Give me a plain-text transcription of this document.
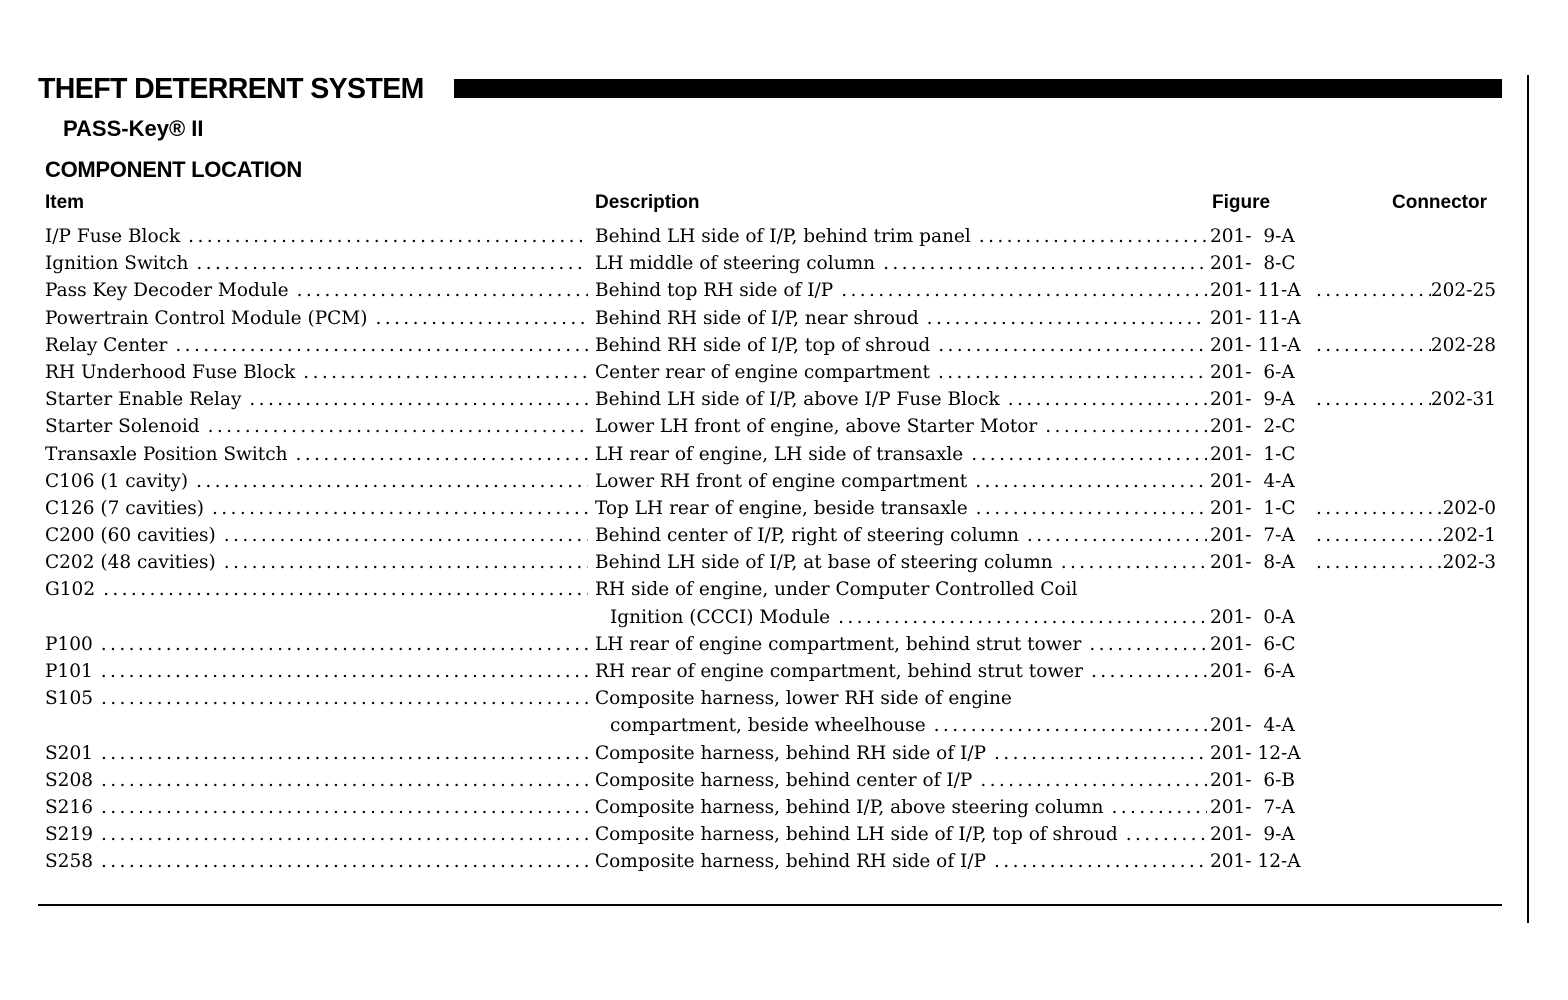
THEFT DETERRENT SYSTEM
PASS-Key® II
COMPONENT LOCATION
Item	Description	Figure	Connector
I/P Fuse Block .....	Behind LH side of I/P, behind trim panel .....	201-  9-A
Ignition Switch .....	LH middle of steering column .....	201-  8-C
Pass Key Decoder Module .....	Behind top RH side of I/P .....	201- 11-A .....	202-25
Powertrain Control Module (PCM) .....	Behind RH side of I/P, near shroud .....	201- 11-A
Relay Center .....	Behind RH side of I/P, top of shroud .....	201- 11-A .....	202-28
RH Underhood Fuse Block .....	Center rear of engine compartment .....	201-  6-A
Starter Enable Relay .....	Behind LH side of I/P, above I/P Fuse Block .....	201-  9-A .....	202-31
Starter Solenoid .....	Lower LH front of engine, above Starter Motor .....	201-  2-C
Transaxle Position Switch .....	LH rear of engine, LH side of transaxle .....	201-  1-C
C106 (1 cavity) .....	Lower RH front of engine compartment .....	201-  4-A
C126 (7 cavities) .....	Top LH rear of engine, beside transaxle .....	201-  1-C .....	202-0
C200 (60 cavities) .....	Behind center of I/P, right of steering column .....	201-  7-A .....	202-1
C202 (48 cavities) .....	Behind LH side of I/P, at base of steering column .....	201-  8-A .....	202-3
G102 .....	RH side of engine, under Computer Controlled Coil
Ignition (CCCI) Module .....	201-  0-A
P100 .....	LH rear of engine compartment, behind strut tower .....	201-  6-C
P101 .....	RH rear of engine compartment, behind strut tower .....	201-  6-A
S105 .....	Composite harness, lower RH side of engine
compartment, beside wheelhouse .....	201-  4-A
S201 .....	Composite harness, behind RH side of I/P .....	201- 12-A
S208 .....	Composite harness, behind center of I/P .....	201-  6-B
S216 .....	Composite harness, behind I/P, above steering column .....	201-  7-A
S219 .....	Composite harness, behind LH side of I/P, top of shroud .....	201-  9-A
S258 .....	Composite harness, behind RH side of I/P .....	201- 12-A
